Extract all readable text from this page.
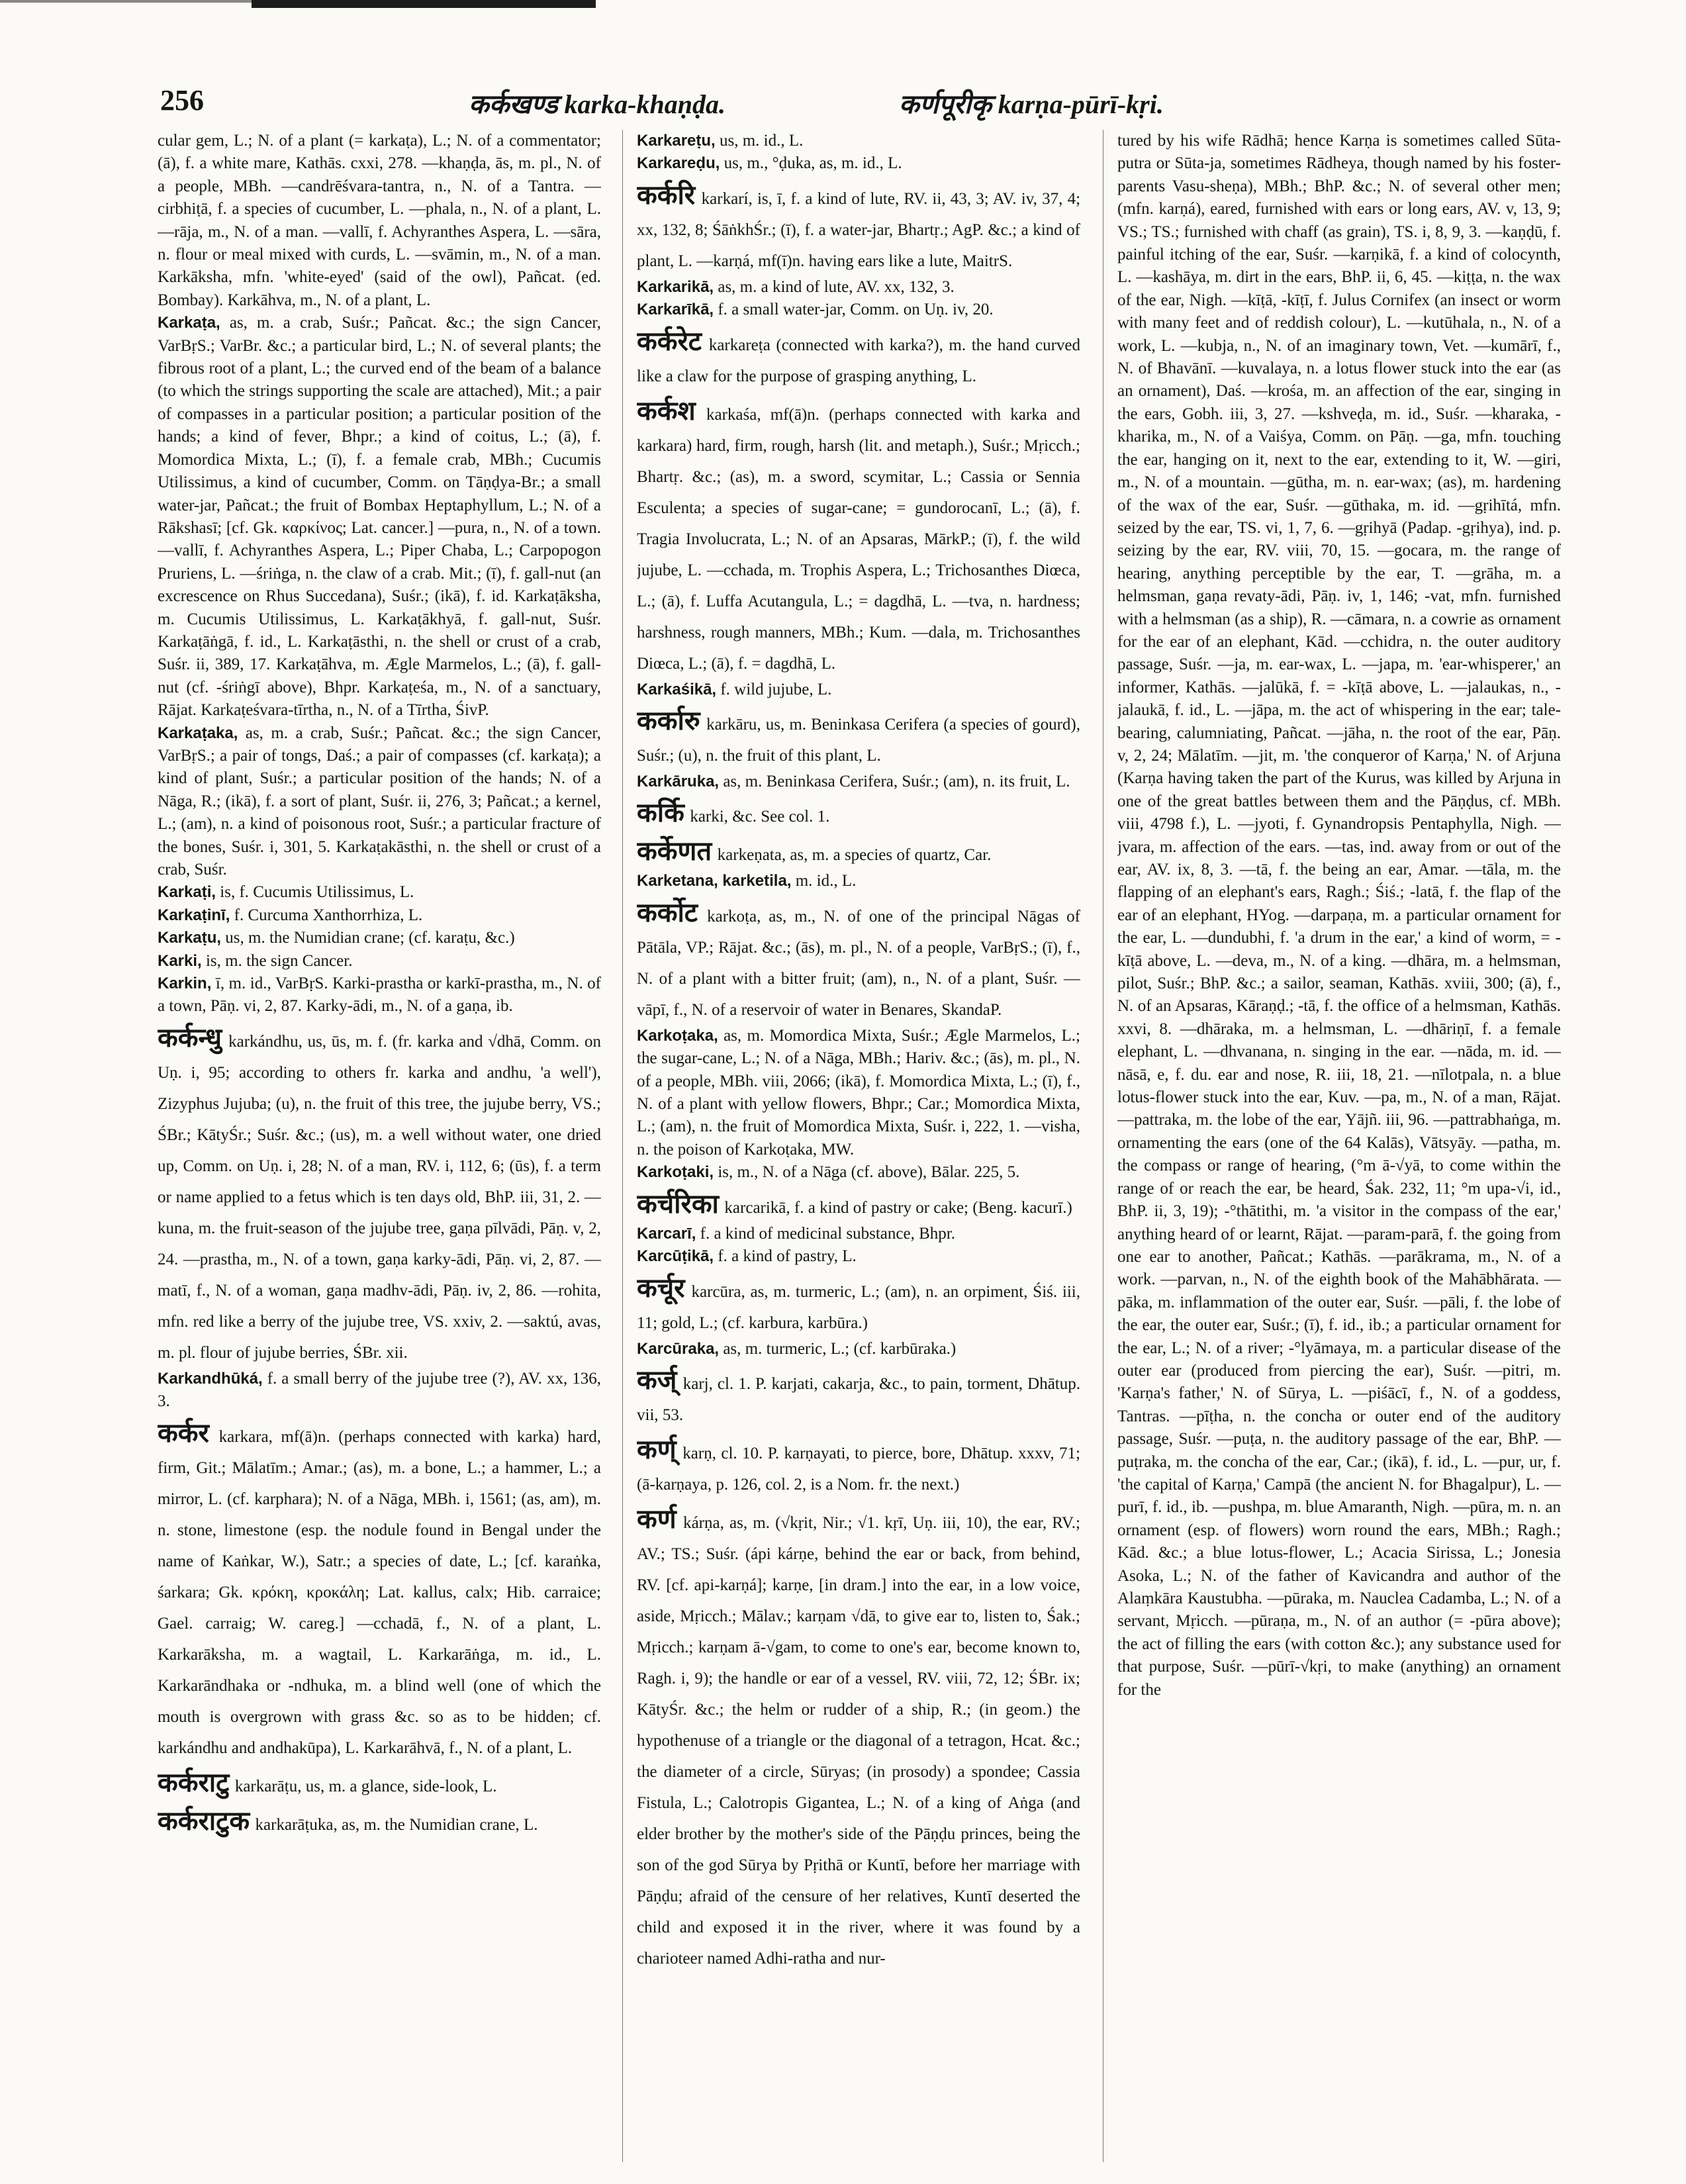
256	कर्कखण्ड karka-khaṇḍa.	कर्णपूरीकृ karṇa-pūrī-kṛi.

cular gem, L.; N. of a plant (= karkaṭa), L.; N. of a commentator; (ā), f. a white mare, Kathās. cxxi, 278. —khaṇḍa, ās, m. pl., N. of a people, MBh. —candrēśvara-tantra, n., N. of a Tantra. —cirbhiṭā, f. a species of cucumber, L. —phala, n., N. of a plant, L. —rāja, m., N. of a man. —vallī, f. Achyranthes Aspera, L. —sāra, n. flour or meal mixed with curds, L. —svāmin, m., N. of a man. Karkāksha, mfn. 'white-eyed' (said of the owl), Pañcat. (ed. Bombay). Karkāhva, m., N. of a plant, L.

Karkaṭa, as, m. a crab, Suśr.; Pañcat. &c.; the sign Cancer, VarBṛS.; VarBr. &c.; a particular bird, L.; N. of several plants; the fibrous root of a plant, L.; the curved end of the beam of a balance (to which the strings supporting the scale are attached), Mit.; a pair of compasses in a particular position; a particular position of the hands; a kind of fever, Bhpr.; a kind of coitus, L.; (ā), f. Momordica Mixta, L.; (ī), f. a female crab, MBh.; Cucumis Utilissimus, a kind of cucumber, Comm. on Tāṇḍya-Br.; a small water-jar, Pañcat.; the fruit of Bombax Heptaphyllum, L.; N. of a Rākshasī; [cf. Gk. καρκίνος; Lat. cancer.] —pura, n., N. of a town. —vallī, f. Achyranthes Aspera, L.; Piper Chaba, L.; Carpopogon Pruriens, L. —śriṅga, n. the claw of a crab. Mit.; (ī), f. gall-nut (an excrescence on Rhus Succedana), Suśr.; (ikā), f. id. Karkaṭāksha, m. Cucumis Utilissimus, L. Karkaṭākhyā, f. gall-nut, Suśr. Karkaṭāṅgā, f. id., L. Karkaṭāsthi, n. the shell or crust of a crab, Suśr. ii, 389, 17. Karkaṭāhva, m. Ægle Marmelos, L.; (ā), f. gall-nut (cf. -śriṅgī above), Bhpr. Karkaṭeśa, m., N. of a sanctuary, Rājat. Karkaṭeśvara-tīrtha, n., N. of a Tīrtha, ŚivP.

Karkaṭaka, as, m. a crab, Suśr.; Pañcat. &c.; the sign Cancer, VarBṛS.; a pair of tongs, Daś.; a pair of compasses (cf. karkaṭa); a kind of plant, Suśr.; a particular position of the hands; N. of a Nāga, R.; (ikā), f. a sort of plant, Suśr. ii, 276, 3; Pañcat.; a kernel, L.; (am), n. a kind of poisonous root, Suśr.; a particular fracture of the bones, Suśr. i, 301, 5. Karkaṭakāsthi, n. the shell or crust of a crab, Suśr.

Karkaṭi, is, f. Cucumis Utilissimus, L.

Karkaṭinī, f. Curcuma Xanthorrhiza, L.

Karkaṭu, us, m. the Numidian crane; (cf. karaṭu, &c.)

Karki, is, m. the sign Cancer.

Karkin, ī, m. id., VarBṛS. Karki-prastha or karkī-prastha, m., N. of a town, Pāṇ. vi, 2, 87. Karky-ādi, m., N. of a gaṇa, ib.

कर्कन्धु karkándhu, us, ūs, m. f. (fr. karka and √dhā, Comm. on Uṇ. i, 95; according to others fr. karka and andhu, 'a well'), Zizyphus Jujuba; (u), n. the fruit of this tree, the jujube berry, VS.; ŚBr.; KātyŚr.; Suśr. &c.; (us), m. a well without water, one dried up, Comm. on Uṇ. i, 28; N. of a man, RV. i, 112, 6; (ūs), f. a term or name applied to a fetus which is ten days old, BhP. iii, 31, 2. —kuna, m. the fruit-season of the jujube tree, gaṇa pīlvādi, Pāṇ. v, 2, 24. —prastha, m., N. of a town, gaṇa karky-ādi, Pāṇ. vi, 2, 87. —matī, f., N. of a woman, gaṇa madhv-ādi, Pāṇ. iv, 2, 86. —rohita, mfn. red like a berry of the jujube tree, VS. xxiv, 2. —saktú, avas, m. pl. flour of jujube berries, ŚBr. xii.

Karkandhūká, f. a small berry of the jujube tree (?), AV. xx, 136, 3.

कर्कर karkara, mf(ā)n. (perhaps connected with karka) hard, firm, Git.; Mālatīm.; Amar.; (as), m. a bone, L.; a hammer, L.; a mirror, L. (cf. karphara); N. of a Nāga, MBh. i, 1561; (as, am), m. n. stone, limestone (esp. the nodule found in Bengal under the name of Kaṅkar, W.), Satr.; a species of date, L.; [cf. karaṅka, śarkara; Gk. κρόκη, κροκάλη; Lat. kallus, calx; Hib. carraice; Gael. carraig; W. careg.] —cchadā, f., N. of a plant, L. Karkarāksha, m. a wagtail, L. Karkarāṅga, m. id., L. Karkarāndhaka or -ndhuka, m. a blind well (one of which the mouth is overgrown with grass &c. so as to be hidden; cf. karkándhu and andhakūpa), L. Karkarāhvā, f., N. of a plant, L.

कर्कराटु karkarāṭu, us, m. a glance, side-look, L.

कर्कराटुक karkarāṭuka, as, m. the Numidian crane, L.

Karkareṭu, us, m. id., L.

Karkareḍu, us, m., °ḍuka, as, m. id., L.

कर्करि karkarí, is, ī, f. a kind of lute, RV. ii, 43, 3; AV. iv, 37, 4; xx, 132, 8; ŚāṅkhŚr.; (ī), f. a water-jar, Bhartṛ.; AgP. &c.; a kind of plant, L. —karṇá, mf(ī)n. having ears like a lute, MaitrS.

Karkarikā, as, m. a kind of lute, AV. xx, 132, 3.

Karkarīkā, f. a small water-jar, Comm. on Uṇ. iv, 20.

कर्करेट karkareṭa (connected with karka?), m. the hand curved like a claw for the purpose of grasping anything, L.

कर्कश karkaśa, mf(ā)n. (perhaps connected with karka and karkara) hard, firm, rough, harsh (lit. and metaph.), Suśr.; Mṛicch.; Bhartṛ. &c.; (as), m. a sword, scymitar, L.; Cassia or Sennia Esculenta; a species of sugar-cane; = gundorocanī, L.; (ā), f. Tragia Involucrata, L.; N. of an Apsaras, MārkP.; (ī), f. the wild jujube, L. —cchada, m. Trophis Aspera, L.; Trichosanthes Diœca, L.; (ā), f. Luffa Acutangula, L.; = dagdhā, L. —tva, n. hardness; harshness, rough manners, MBh.; Kum. —dala, m. Trichosanthes Diœca, L.; (ā), f. = dagdhā, L.

Karkaśikā, f. wild jujube, L.

कर्कारु karkāru, us, m. Beninkasa Cerifera (a species of gourd), Suśr.; (u), n. the fruit of this plant, L.

Karkāruka, as, m. Beninkasa Cerifera, Suśr.; (am), n. its fruit, L.

कर्कि karki, &c. See col. 1.

कर्केणत karkeṇata, as, m. a species of quartz, Car.

Karketana, karketila, m. id., L.

कर्कोट karkoṭa, as, m., N. of one of the principal Nāgas of Pātāla, VP.; Rājat. &c.; (ās), m. pl., N. of a people, VarBṛS.; (ī), f., N. of a plant with a bitter fruit; (am), n., N. of a plant, Suśr. —vāpī, f., N. of a reservoir of water in Benares, SkandaP.

Karkoṭaka, as, m. Momordica Mixta, Suśr.; Ægle Marmelos, L.; the sugar-cane, L.; N. of a Nāga, MBh.; Hariv. &c.; (ās), m. pl., N. of a people, MBh. viii, 2066; (ikā), f. Momordica Mixta, L.; (ī), f., N. of a plant with yellow flowers, Bhpr.; Car.; Momordica Mixta, L.; (am), n. the fruit of Momordica Mixta, Suśr. i, 222, 1. —visha, n. the poison of Karkoṭaka, MW.

Karkoṭaki, is, m., N. of a Nāga (cf. above), Bālar. 225, 5.

कर्चरिका karcarikā, f. a kind of pastry or cake; (Beng. kacurī.)

Karcarī, f. a kind of medicinal substance, Bhpr.

Karcūṭikā, f. a kind of pastry, L.

कर्चूर karcūra, as, m. turmeric, L.; (am), n. an orpiment, Śiś. iii, 11; gold, L.; (cf. karbura, karbūra.)

Karcūraka, as, m. turmeric, L.; (cf. karbūraka.)

कर्ज् karj, cl. 1. P. karjati, cakarja, &c., to pain, torment, Dhātup. vii, 53.

कर्ण् karṇ, cl. 10. P. karṇayati, to pierce, bore, Dhātup. xxxv, 71; (ā-karṇaya, p. 126, col. 2, is a Nom. fr. the next.)

कर्ण kárṇa, as, m. (√kṛit, Nir.; √1. kṛī, Uṇ. iii, 10), the ear, RV.; AV.; TS.; Suśr. (ápi kárṇe, behind the ear or back, from behind, RV. [cf. api-karṇá]; karṇe, [in dram.] into the ear, in a low voice, aside, Mṛicch.; Mālav.; karṇam √dā, to give ear to, listen to, Śak.; Mṛicch.; karṇam ā-√gam, to come to one's ear, become known to, Ragh. i, 9); the handle or ear of a vessel, RV. viii, 72, 12; ŚBr. ix; KātyŚr. &c.; the helm or rudder of a ship, R.; (in geom.) the hypothenuse of a triangle or the diagonal of a tetragon, Hcat. &c.; the diameter of a circle, Sūryas; (in prosody) a spondee; Cassia Fistula, L.; Calotropis Gigantea, L.; N. of a king of Aṅga (and elder brother by the mother's side of the Pāṇḍu princes, being the son of the god Sūrya by Pṛithā or Kuntī, before her marriage with Pāṇḍu; afraid of the censure of her relatives, Kuntī deserted the child and exposed it in the river, where it was found by a charioteer named Adhi-ratha and nur-

tured by his wife Rādhā; hence Karṇa is sometimes called Sūta-putra or Sūta-ja, sometimes Rādheya, though named by his foster-parents Vasu-sheṇa), MBh.; BhP. &c.; N. of several other men; (mfn. karṇá), eared, furnished with ears or long ears, AV. v, 13, 9; VS.; TS.; furnished with chaff (as grain), TS. i, 8, 9, 3. —kaṇḍū, f. painful itching of the ear, Suśr. —karṇikā, f. a kind of colocynth, L. —kashāya, m. dirt in the ears, BhP. ii, 6, 45. —kiṭṭa, n. the wax of the ear, Nigh. —kīṭā, -kīṭī, f. Julus Cornifex (an insect or worm with many feet and of reddish colour), L. —kutūhala, n., N. of a work, L. —kubja, n., N. of an imaginary town, Vet. —kumārī, f., N. of Bhavānī. —kuvalaya, n. a lotus flower stuck into the ear (as an ornament), Daś. —krośa, m. an affection of the ear, singing in the ears, Gobh. iii, 3, 27. —kshveḍa, m. id., Suśr. —kharaka, -kharika, m., N. of a Vaiśya, Comm. on Pāṇ. —ga, mfn. touching the ear, hanging on it, next to the ear, extending to it, W. —giri, m., N. of a mountain. —gūtha, m. n. ear-wax; (as), m. hardening of the wax of the ear, Suśr. —gūthaka, m. id. —gṛihītá, mfn. seized by the ear, TS. vi, 1, 7, 6. —gṛihyā (Padap. -gṛihya), ind. p. seizing by the ear, RV. viii, 70, 15. —gocara, m. the range of hearing, anything perceptible by the ear, T. —grāha, m. a helmsman, gaṇa revaty-ādi, Pāṇ. iv, 1, 146; -vat, mfn. furnished with a helmsman (as a ship), R. —cāmara, n. a cowrie as ornament for the ear of an elephant, Kād. —cchidra, n. the outer auditory passage, Suśr. —ja, m. ear-wax, L. —japa, m. 'ear-whisperer,' an informer, Kathās. —jalūkā, f. = -kīṭā above, L. —jalaukas, n., -jalaukā, f. id., L. —jāpa, m. the act of whispering in the ear; tale-bearing, calumniating, Pañcat. —jāha, n. the root of the ear, Pāṇ. v, 2, 24; Mālatīm. —jit, m. 'the conqueror of Karṇa,' N. of Arjuna (Karṇa having taken the part of the Kurus, was killed by Arjuna in one of the great battles between them and the Pāṇḍus, cf. MBh. viii, 4798 f.), L. —jyoti, f. Gynandropsis Pentaphylla, Nigh. —jvara, m. affection of the ears. —tas, ind. away from or out of the ear, AV. ix, 8, 3. —tā, f. the being an ear, Amar. —tāla, m. the flapping of an elephant's ears, Ragh.; Śiś.; -latā, f. the flap of the ear of an elephant, HYog. —darpaṇa, m. a particular ornament for the ear, L. —dundubhi, f. 'a drum in the ear,' a kind of worm, = -kīṭā above, L. —deva, m., N. of a king. —dhāra, m. a helmsman, pilot, Suśr.; BhP. &c.; a sailor, seaman, Kathās. xviii, 300; (ā), f., N. of an Apsaras, Kāraṇḍ.; -tā, f. the office of a helmsman, Kathās. xxvi, 8. —dhāraka, m. a helmsman, L. —dhāriṇī, f. a female elephant, L. —dhvanana, n. singing in the ear. —nāda, m. id. —nāsā, e, f. du. ear and nose, R. iii, 18, 21. —nīlotpala, n. a blue lotus-flower stuck into the ear, Kuv. —pa, m., N. of a man, Rājat. —pattraka, m. the lobe of the ear, Yājñ. iii, 96. —pattrabhaṅga, m. ornamenting the ears (one of the 64 Kalās), Vātsyāy. —patha, m. the compass or range of hearing, (°m ā-√yā, to come within the range of or reach the ear, be heard, Śak. 232, 11; °m upa-√i, id., BhP. ii, 3, 19); -°thātithi, m. 'a visitor in the compass of the ear,' anything heard of or learnt, Rājat. —param-parā, f. the going from one ear to another, Pañcat.; Kathās. —parākrama, m., N. of a work. —parvan, n., N. of the eighth book of the Mahābhārata. —pāka, m. inflammation of the outer ear, Suśr. —pāli, f. the lobe of the ear, the outer ear, Suśr.; (ī), f. id., ib.; a particular ornament for the ear, L.; N. of a river; -°lyāmaya, m. a particular disease of the outer ear (produced from piercing the ear), Suśr. —pitri, m. 'Karṇa's father,' N. of Sūrya, L. —piśācī, f., N. of a goddess, Tantras. —pīṭha, n. the concha or outer end of the auditory passage, Suśr. —puṭa, n. the auditory passage of the ear, BhP. —puṭraka, m. the concha of the ear, Car.; (ikā), f. id., L. —pur, ur, f. 'the capital of Karṇa,' Campā (the ancient N. for Bhagalpur), L. —purī, f. id., ib. —pushpa, m. blue Amaranth, Nigh. —pūra, m. n. an ornament (esp. of flowers) worn round the ears, MBh.; Ragh.; Kād. &c.; a blue lotus-flower, L.; Acacia Sirissa, L.; Jonesia Asoka, L.; N. of the father of Kavicandra and author of the Alaṃkāra Kaustubha. —pūraka, m. Nauclea Cadamba, L.; N. of a servant, Mṛicch. —pūraṇa, m., N. of an author (= -pūra above); the act of filling the ears (with cotton &c.); any substance used for that purpose, Suśr. —pūrī-√kṛi, to make (anything) an ornament for the
